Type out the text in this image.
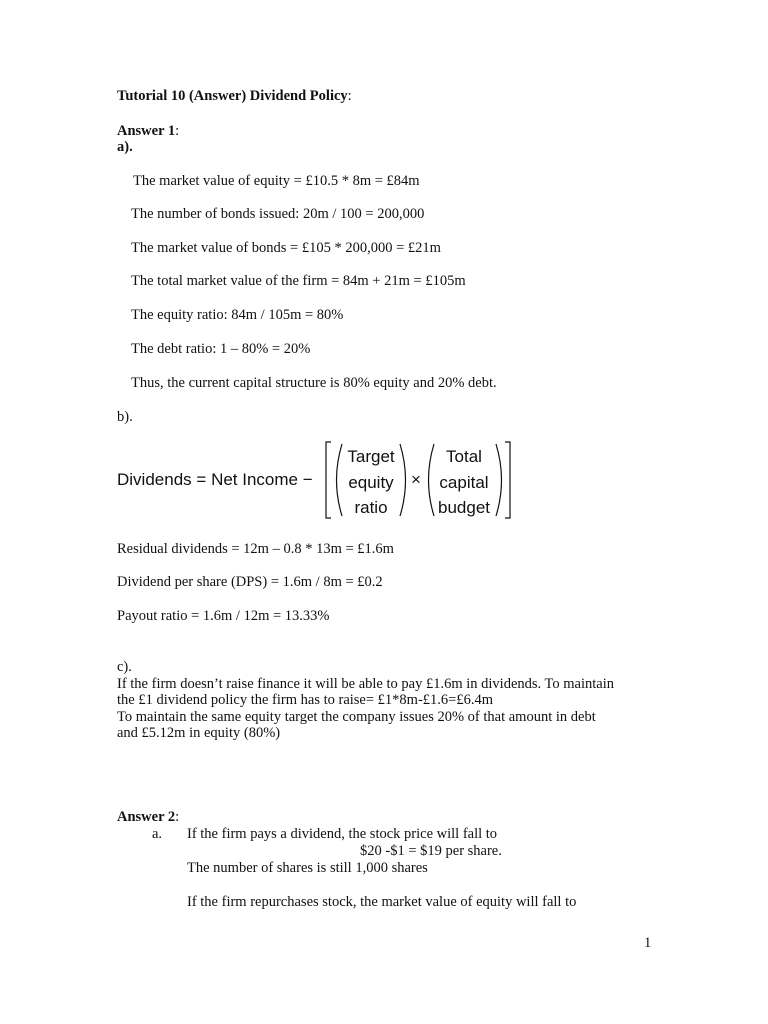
Tutorial 10 (Answer) Dividend Policy:
Answer 1:
a).
The market value of equity = £10.5 * 8m = £84m
The number of bonds issued: 20m / 100 = 200,000
The market value of bonds = £105 * 200,000 = £21m
The total market value of the firm = 84m + 21m = £105m
The equity ratio: 84m / 105m = 80%
The debt ratio: 1 – 80% = 20%
Thus, the current capital structure is 80% equity and 20% debt.
b).
Dividends = Net Income −
Target
equity
ratio
×
Total
capital
budget
Residual dividends = 12m – 0.8 * 13m = £1.6m
Dividend per share (DPS) = 1.6m / 8m = £0.2
Payout ratio = 1.6m / 12m = 13.33%
c).
If the firm doesn’t raise finance it will be able to pay £1.6m in dividends. To maintain
the £1 dividend policy the firm has to raise= £1*8m-£1.6=£6.4m
To maintain the same equity target the company issues 20% of that amount in debt
and £5.12m in equity (80%)
Answer 2:
a. If the firm pays a dividend, the stock price will fall to
$20 -$1 = $19 per share.
The number of shares is still 1,000 shares
If the firm repurchases stock, the market value of equity will fall to
1
